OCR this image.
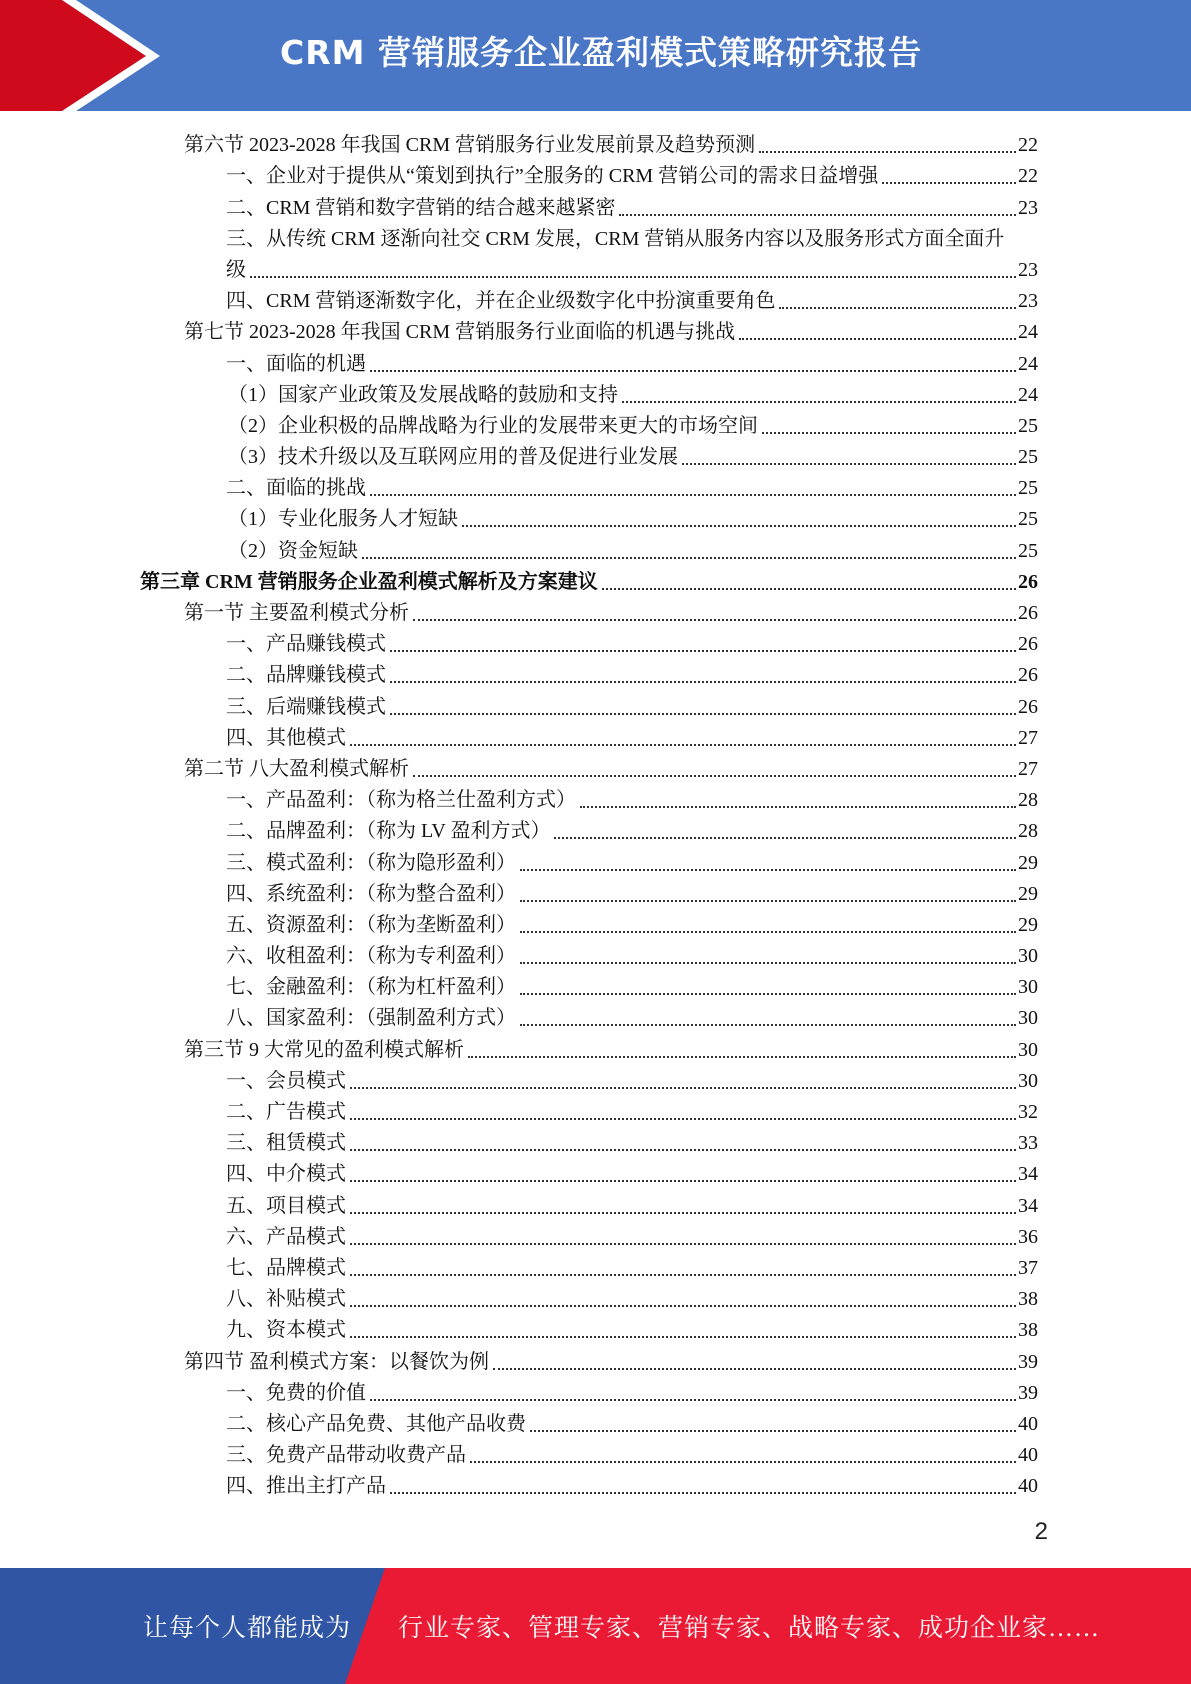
CRM 营销服务企业盈利模式策略研究报告
第六节 2023-2028 年我国 CRM 营销服务行业发展前景及趋势预测	22
一、企业对于提供从“策划到执行”全服务的 CRM 营销公司的需求日益增强	22
二、CRM 营销和数字营销的结合越来越紧密	23
三、从传统 CRM 逐渐向社交 CRM 发展，CRM 营销从服务内容以及服务形式方面全面升
级	23
四、CRM 营销逐渐数字化，并在企业级数字化中扮演重要角色	23
第七节 2023-2028 年我国 CRM 营销服务行业面临的机遇与挑战	24
一、面临的机遇	24
（1）国家产业政策及发展战略的鼓励和支持	24
（2）企业积极的品牌战略为行业的发展带来更大的市场空间	25
（3）技术升级以及互联网应用的普及促进行业发展	25
二、面临的挑战	25
（1）专业化服务人才短缺	25
（2）资金短缺	25
第三章 CRM 营销服务企业盈利模式解析及方案建议	26
第一节 主要盈利模式分析	26
一、产品赚钱模式	26
二、品牌赚钱模式	26
三、后端赚钱模式	26
四、其他模式	27
第二节 八大盈利模式解析	27
一、产品盈利：（称为格兰仕盈利方式）	28
二、品牌盈利：（称为 LV 盈利方式）	28
三、模式盈利：（称为隐形盈利）	29
四、系统盈利：（称为整合盈利）	29
五、资源盈利：（称为垄断盈利）	29
六、收租盈利：（称为专利盈利）	30
七、金融盈利：（称为杠杆盈利）	30
八、国家盈利：（强制盈利方式）	30
第三节 9 大常见的盈利模式解析	30
一、会员模式	30
二、广告模式	32
三、租赁模式	33
四、中介模式	34
五、项目模式	34
六、产品模式	36
七、品牌模式	37
八、补贴模式	38
九、资本模式	38
第四节 盈利模式方案：以餐饮为例	39
一、免费的价值	39
二、核心产品免费、其他产品收费	40
三、免费产品带动收费产品	40
四、推出主打产品	40
2
让每个人都能成为 行业专家、管理专家、营销专家、战略专家、成功企业家……
